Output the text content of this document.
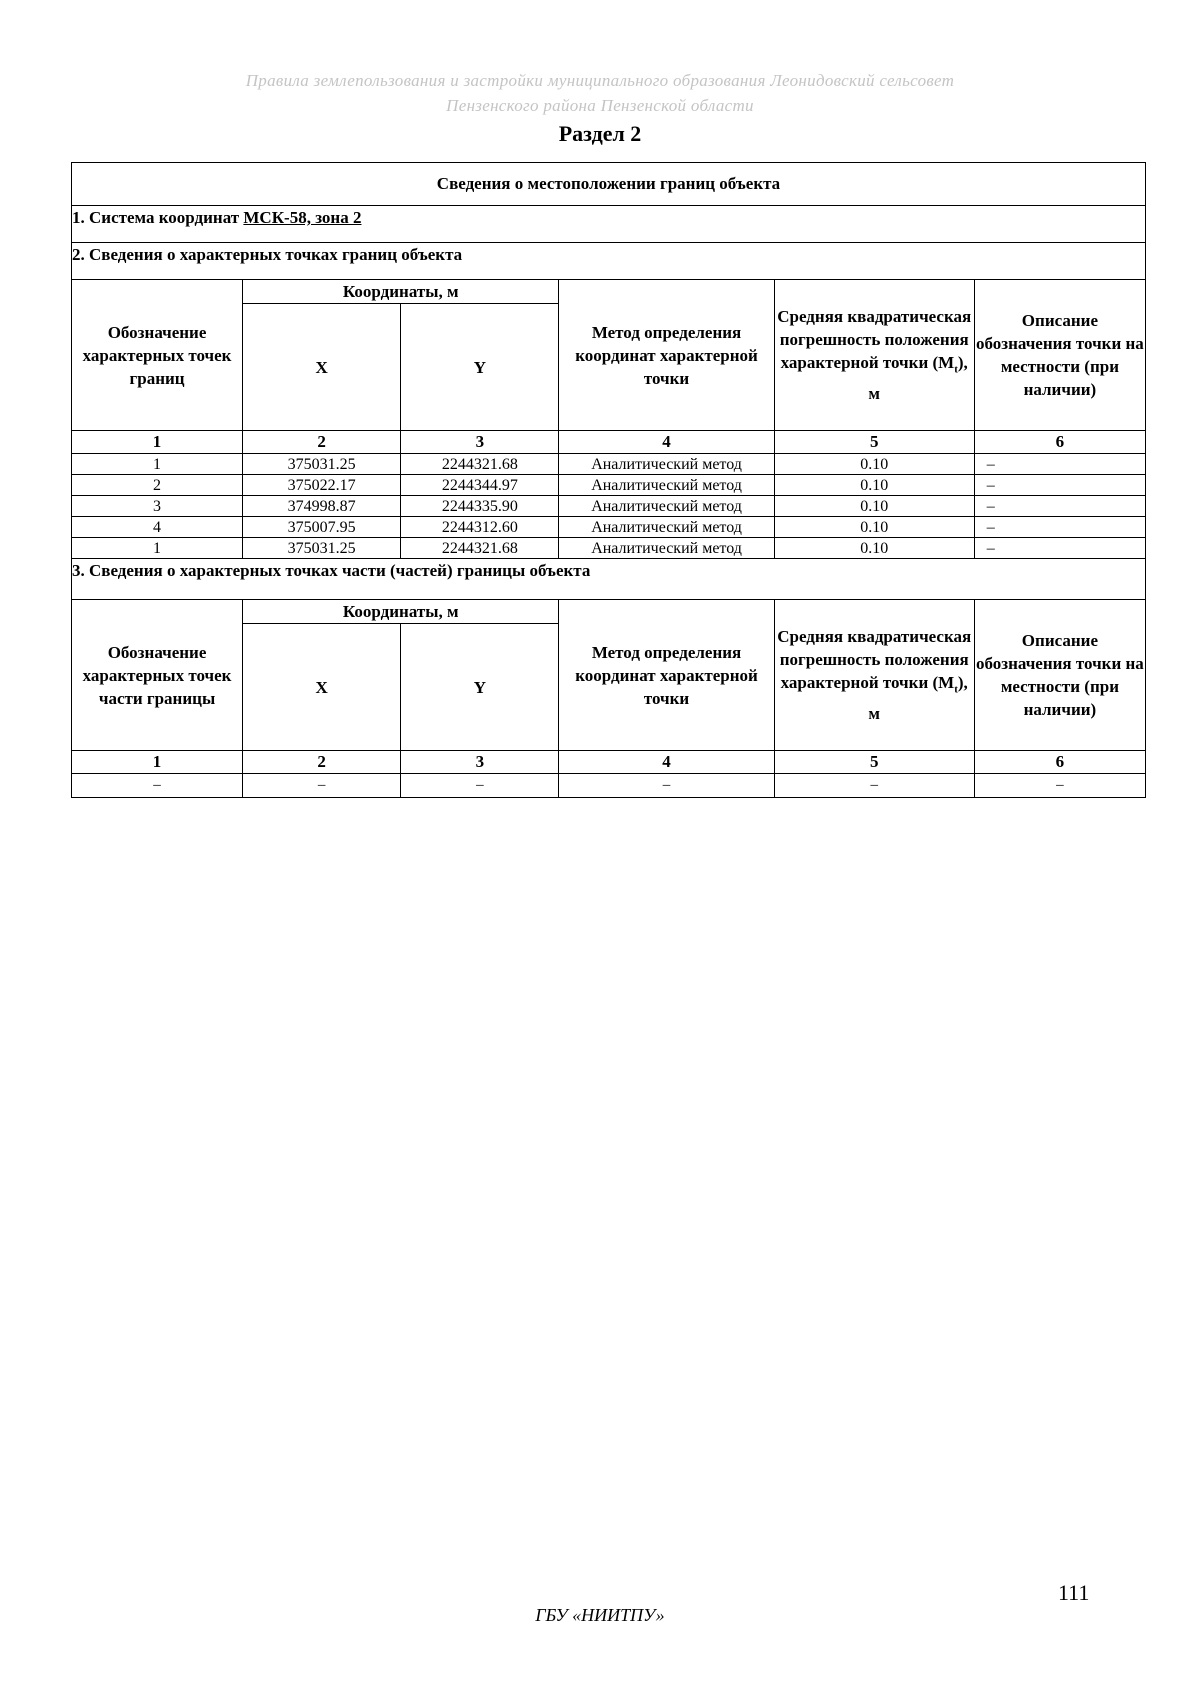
Правила землепользования и застройки муниципального образования Леонидовский сельсовет
Пензенского района Пензенской области
Раздел 2
Сведения о местоположении границ объекта					
1. Система координат МСК-58, зона 2					
2. Сведения о характерных точках границ объекта					
Обозначение характерных точек границ	Координаты, м		Метод определения координат характерной точки	Средняя квадратическая погрешность положения характерной точки $(M_t)$, м	Описание обозначения точки на местности (при наличии)
	X	Y			
1	2	3	4	5	6
1	375031.25	2244321.68	Аналитический метод	0.10	–
2	375022.17	2244344.97	Аналитический метод	0.10	–
3	374998.87	2244335.90	Аналитический метод	0.10	–
4	375007.95	2244312.60	Аналитический метод	0.10	–
1	375031.25	2244321.68	Аналитический метод	0.10	–
3. Сведения о характерных точках части (частей) границы объекта					
Обозначение характерных точек части границы	Координаты, м		Метод определения координат характерной точки	Средняя квадратическая погрешность положения характерной точки $(M_t)$, м	Описание обозначения точки на местности (при наличии)
	X	Y			
1	2	3	4	5	6
–	–	–	–	–	–
111
ГБУ «НИИТПУ»
